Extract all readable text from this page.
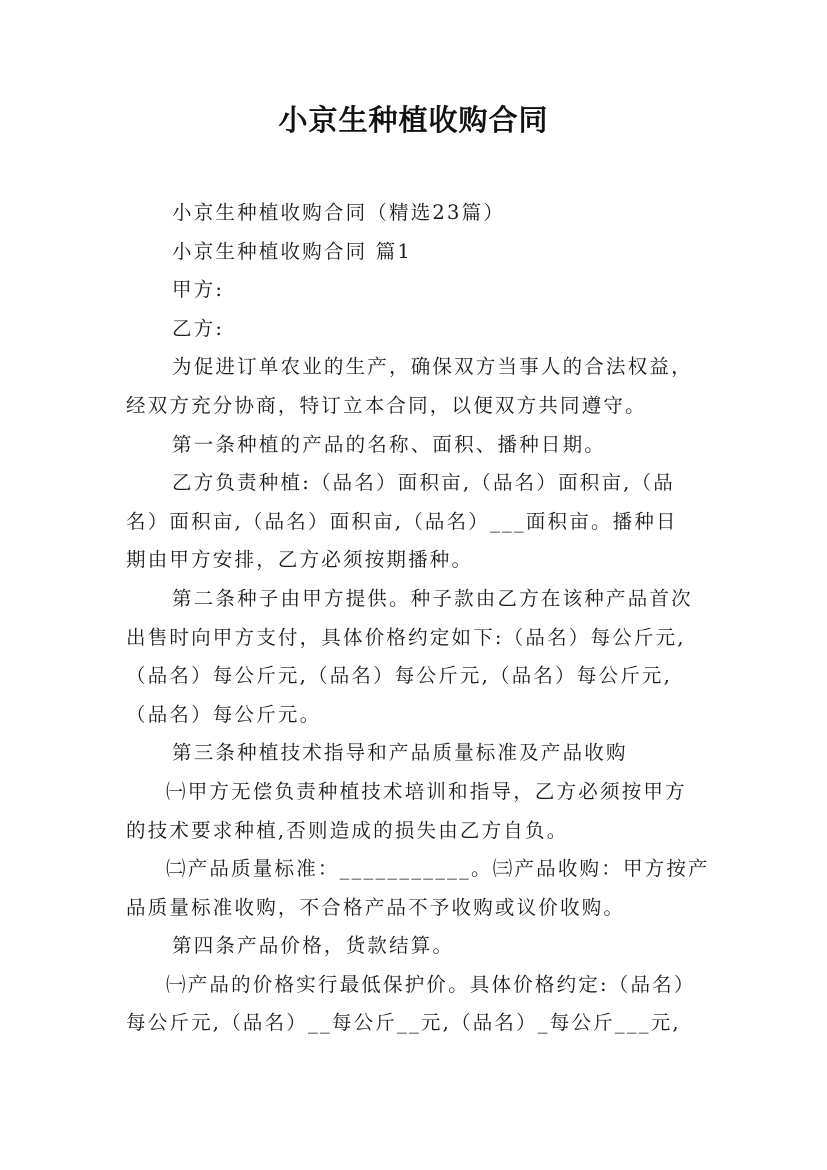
小京生种植收购合同
小京生种植收购合同（精选23篇）
小京生种植收购合同 篇1
甲方:
乙方:
为促进订单农业的生产，确保双方当事人的合法权益，
经双方充分协商，特订立本合同，以便双方共同遵守。
第一条种植的产品的名称、面积、播种日期。
乙方负责种植:（品名）面积亩,（品名）面积亩,（品
名）面积亩,（品名）面积亩,（品名）___面积亩。播种日
期由甲方安排，乙方必须按期播种。
第二条种子由甲方提供。种子款由乙方在该种产品首次
出售时向甲方支付，具体价格约定如下:（品名）每公斤元,
（品名）每公斤元,（品名）每公斤元,（品名）每公斤元,
（品名）每公斤元。
第三条种植技术指导和产品质量标准及产品收购
㈠甲方无偿负责种植技术培训和指导，乙方必须按甲方
的技术要求种植,否则造成的损失由乙方自负。
㈡产品质量标准：___________。㈢产品收购：甲方按产
品质量标准收购，不合格产品不予收购或议价收购。
第四条产品价格，货款结算。
㈠产品的价格实行最低保护价。具体价格约定:（品名）
每公斤元,（品名）__每公斤__元,（品名）_每公斤___元,
